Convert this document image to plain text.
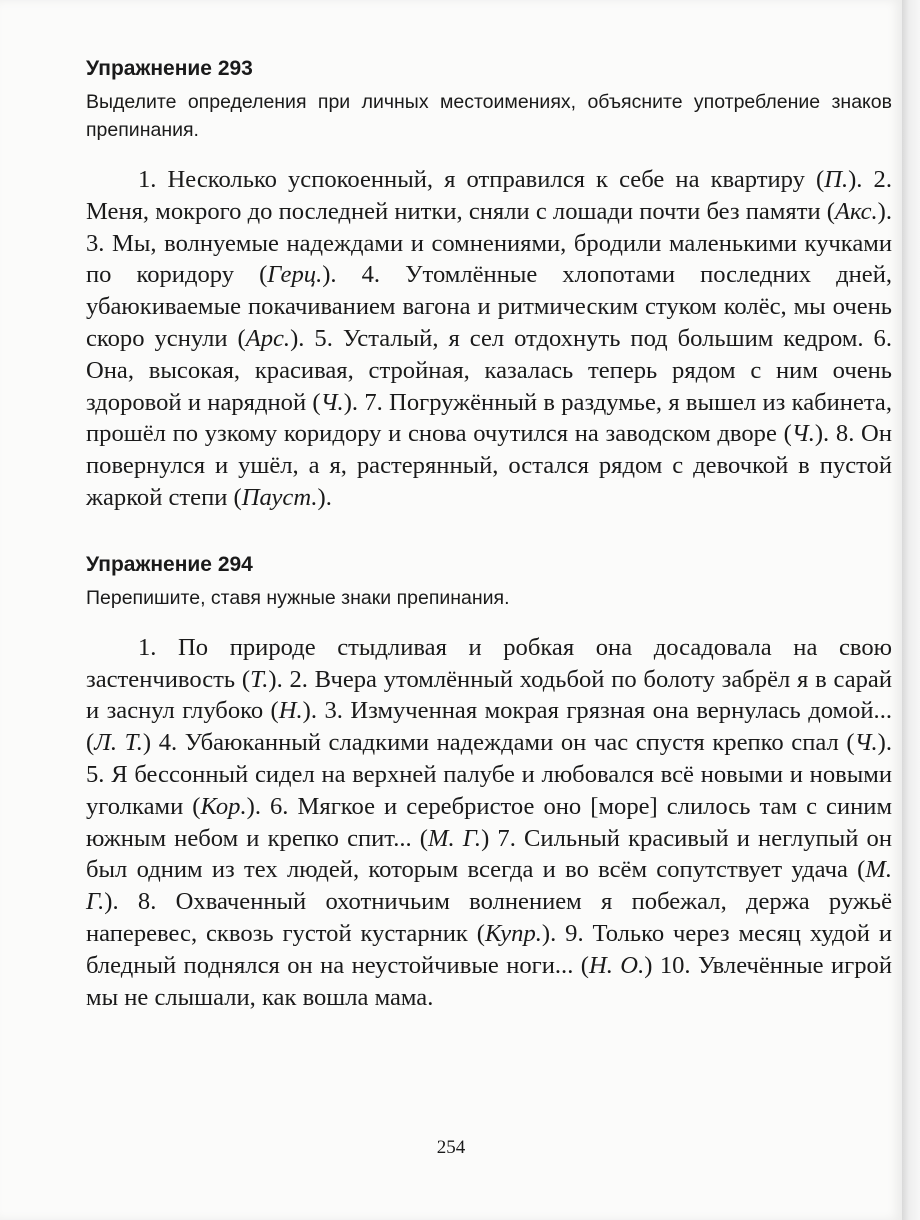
Упражнение 293

Выделите определения при личных местоимениях, объясните употребление знаков препинания.

1. Несколько успокоенный, я отправился к себе на квартиру (П.). 2. Меня, мокрого до последней нитки, сняли с лошади почти без памяти (Акс.). 3. Мы, волнуемые надеждами и сомнениями, бродили маленькими кучками по коридору (Герц.). 4. Утомлённые хлопотами последних дней, убаюкиваемые покачиванием вагона и ритмическим стуком колёс, мы очень скоро уснули (Арс.). 5. Усталый, я сел отдохнуть под большим кедром. 6. Она, высокая, красивая, стройная, казалась теперь рядом с ним очень здоровой и нарядной (Ч.). 7. Погружённый в раздумье, я вышел из кабинета, прошёл по узкому коридору и снова очутился на заводском дворе (Ч.). 8. Он повернулся и ушёл, а я, растерянный, остался рядом с девочкой в пустой жаркой степи (Пауст.).

Упражнение 294

Перепишите, ставя нужные знаки препинания.

1. По природе стыдливая и робкая она досадовала на свою застенчивость (Т.). 2. Вчера утомлённый ходьбой по болоту забрёл я в сарай и заснул глубоко (Н.). 3. Измученная мокрая грязная она вернулась домой... (Л. Т.) 4. Убаюканный сладкими надеждами он час спустя крепко спал (Ч.). 5. Я бессонный сидел на верхней палубе и любовался всё новыми и новыми уголками (Кор.). 6. Мягкое и серебристое оно [море] слилось там с синим южным небом и крепко спит... (М. Г.) 7. Сильный красивый и неглупый он был одним из тех людей, которым всегда и во всём сопутствует удача (М. Г.). 8. Охваченный охотничьим волнением я побежал, держа ружьё наперевес, сквозь густой кустарник (Купр.). 9. Только через месяц худой и бледный поднялся он на неустойчивые ноги... (Н. О.) 10. Увлечённые игрой мы не слышали, как вошла мама.

254
